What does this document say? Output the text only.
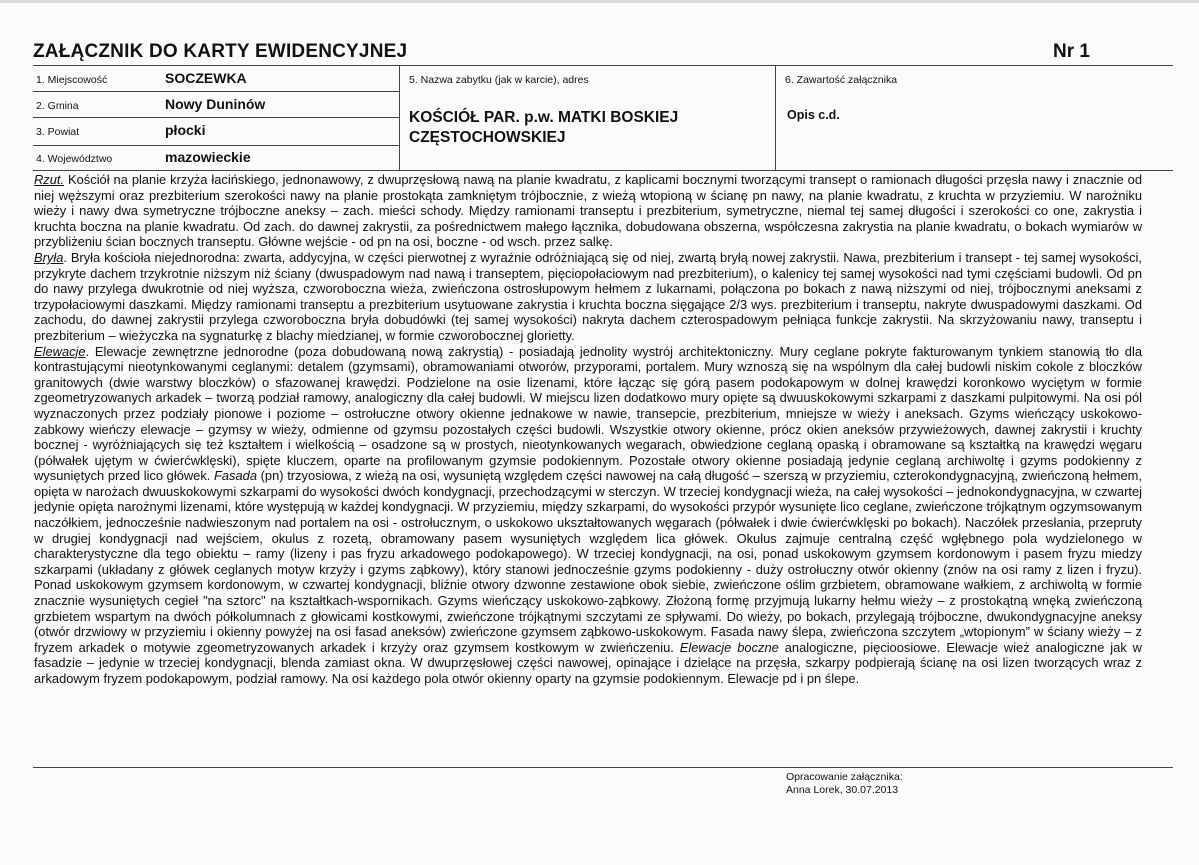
ZAŁĄCZNIK DO KARTY EWIDENCYJNEJ	Nr 1
1. Miejscowość	SOCZEWKA
2. Gmina	Nowy Duninów
3. Powiat	płocki
4. Województwo	mazowieckie
5. Nazwa zabytku (jak w karcie), adres
KOŚCIÓŁ PAR. p.w. MATKI BOSKIEJ CZĘSTOCHOWSKIEJ
6. Zawartość załącznika
Opis c.d.

Rzut. Kościół na planie krzyża łacińskiego, jednonawowy, z dwuprzęsłową nawą na planie kwadratu, z kaplicami bocznymi tworzącymi transept o ramionach długości przęsła nawy i znacznie od niej węższymi oraz prezbiterium szerokości nawy na planie prostokąta zamkniętym trójbocznie, z wieżą wtopioną w ścianę pn nawy, na planie kwadratu, z kruchta w przyziemiu. W narożniku wieży i nawy dwa symetryczne trójboczne aneksy – zach. mieści schody. Między ramionami transeptu i prezbiterium, symetryczne, niemal tej samej długości i szerokości co one, zakrystia i kruchta boczna na planie kwadratu. Od zach. do dawnej zakrystii, za pośrednictwem małego łącznika, dobudowana obszerna, współczesna zakrystia na planie kwadratu, o bokach wymiarów w przybliżeniu ścian bocznych transeptu. Główne wejście - od pn na osi, boczne - od wsch. przez salkę.

Bryła. Bryła kościoła niejednorodna: zwarta, addycyjna, w części pierwotnej z wyraźnie odróżniającą się od niej, zwartą bryłą nowej zakrystii. Nawa, prezbiterium i transept - tej samej wysokości, przykryte dachem trzykrotnie niższym niż ściany (dwuspadowym nad nawą i transeptem, pięciopołaciowym nad prezbiterium), o kalenicy tej samej wysokości nad tymi częściami budowli. Od pn do nawy przylega dwukrotnie od niej wyższa, czworoboczna wieża, zwieńczona ostrosłupowym hełmem z lukarnami, połączona po bokach z nawą niższymi od niej, trójbocznymi aneksami z trzypołaciowymi daszkami. Między ramionami transeptu a prezbiterium usytuowane zakrystia i kruchta boczna sięgające 2/3 wys. prezbiterium i transeptu, nakryte dwuspadowymi daszkami. Od zachodu, do dawnej zakrystii przylega czworoboczna bryła dobudówki (tej samej wysokości) nakryta dachem czterospadowym pełniąca funkcje zakrystii. Na skrzyżowaniu nawy, transeptu i prezbiterium – wieżyczka na sygnaturkę z blachy miedzianej, w formie czworobocznej glorietty.

Elewacje. Elewacje zewnętrzne jednorodne (poza dobudowaną nową zakrystią) - posiadają jednolity wystrój architektoniczny. Mury ceglane pokryte fakturowanym tynkiem stanowią tło dla kontrastującymi nieotynkowanymi ceglanymi: detalem (gzymsami), obramowaniami otworów, przyporami, portalem. Mury wznoszą się na wspólnym dla całej budowli niskim cokole z bloczków granitowych (dwie warstwy bloczków) o sfazowanej krawędzi. Podzielone na osie lizenami, które łącząc się górą pasem podokapowym w dolnej krawędzi koronkowo wyciętym w formie zgeometryzowanych arkadek – tworzą podział ramowy, analogiczny dla całej budowli. W miejscu lizen dodatkowo mury opięte są dwuuskokowymi szkarpami z daszkami pulpitowymi. Na osi pól wyznaczonych przez podziały pionowe i poziome – ostrołuczne otwory okienne jednakowe w nawie, transepcie, prezbiterium, mniejsze w wieży i aneksach. Gzyms wieńczący uskokowo-zabkowy wieńczy elewacje – gzymsy w wieży, odmienne od gzymsu pozostałych części budowli. Wszystkie otwory okienne, prócz okien aneksów przywieżowych, dawnej zakrystii i kruchty bocznej - wyróżniających się też kształtem i wielkością – osadzone są w prostych, nieotynkowanych wegarach, obwiedzione ceglaną opaską i obramowane są kształtką na krawędzi węgaru (półwałek ujętym w ćwierćwklęski), spięte kluczem, oparte na profilowanym gzymsie podokiennym. Pozostałe otwory okienne posiadają jedynie ceglaną archiwoltę i gzyms podokienny z wysuniętych przed lico główek. Fasada (pn) trzyosiowa, z wieżą na osi, wysuniętą względem części nawowej na całą długość – szerszą w przyziemiu, czterokondygnacyjną, zwieńczoną hełmem, opięta w narożach dwuuskokowymi szkarpami do wysokości dwóch kondygnacji, przechodzącymi w sterczyn. W trzeciej kondygnacji wieża, na całej wysokości – jednokondygnacyjna, w czwartej jedynie opięta narożnymi lizenami, które występują w każdej kondygnacji. W przyziemiu, między szkarpami, do wysokości przypór wysunięte lico ceglane, zwieńczone trójkątnym ogzymsowanym naczółkiem, jednocześnie nadwieszonym nad portalem na osi - ostrołucznym, o uskokowo ukształtowanych węgarach (półwałek i dwie ćwierćwklęski po bokach). Naczółek przesłania, przepruty w drugiej kondygnacji nad wejściem, okulus z rozetą, obramowany pasem wysuniętych względem lica główek. Okulus zajmuje centralną część wgłębnego pola wydzielonego w charakterystyczne dla tego obiektu – ramy (lizeny i pas fryzu arkadowego podokapowego). W trzeciej kondygnacji, na osi, ponad uskokowym gzymsem kordonowym i pasem fryzu miedzy szkarpami (układany z główek ceglanych motyw krzyży i gzyms ząbkowy), który stanowi jednocześnie gzyms podokienny - duży ostrołuczny otwór okienny (znów na osi ramy z lizen i fryzu). Ponad uskokowym gzymsem kordonowym, w czwartej kondygnacji, bliźnie otwory dzwonne zestawione obok siebie, zwieńczone oślim grzbietem, obramowane wałkiem, z archiwoltą w formie znacznie wysuniętych cegieł "na sztorc" na kształtkach-wspornikach. Gzyms wieńczący uskokowo-ząbkowy. Złożoną formę przyjmują lukarny hełmu wieży – z prostokątną wnęką zwieńczoną grzbietem wspartym na dwóch półkolumnach z głowicami kostkowymi, zwieńczone trójkątnymi szczytami ze spływami. Do wieży, po bokach, przylegają trójboczne, dwukondygnacyjne aneksy (otwór drzwiowy w przyziemiu i okienny powyżej na osi fasad aneksów) zwieńczone gzymsem ząbkowo-uskokowym. Fasada nawy ślepa, zwieńczona szczytem „wtopionym” w ściany wieży – z fryzem arkadek o motywie zgeometryzowanych arkadek i krzyży oraz gzymsem kostkowym w zwieńczeniu. Elewacje boczne analogiczne, pięcioosiowe. Elewacje wież analogiczne jak w fasadzie – jedynie w trzeciej kondygnacji, blenda zamiast okna. W dwuprzęsłowej części nawowej, opinające i dzielące na przęsła, szkarpy podpierają ścianę na osi lizen tworzących wraz z arkadowym fryzem podokapowym, podział ramowy. Na osi każdego pola otwór okienny oparty na gzymsie podokiennym. Elewacje pd i pn ślepe.

Opracowanie załącznika:
Anna Lorek, 30.07.2013
